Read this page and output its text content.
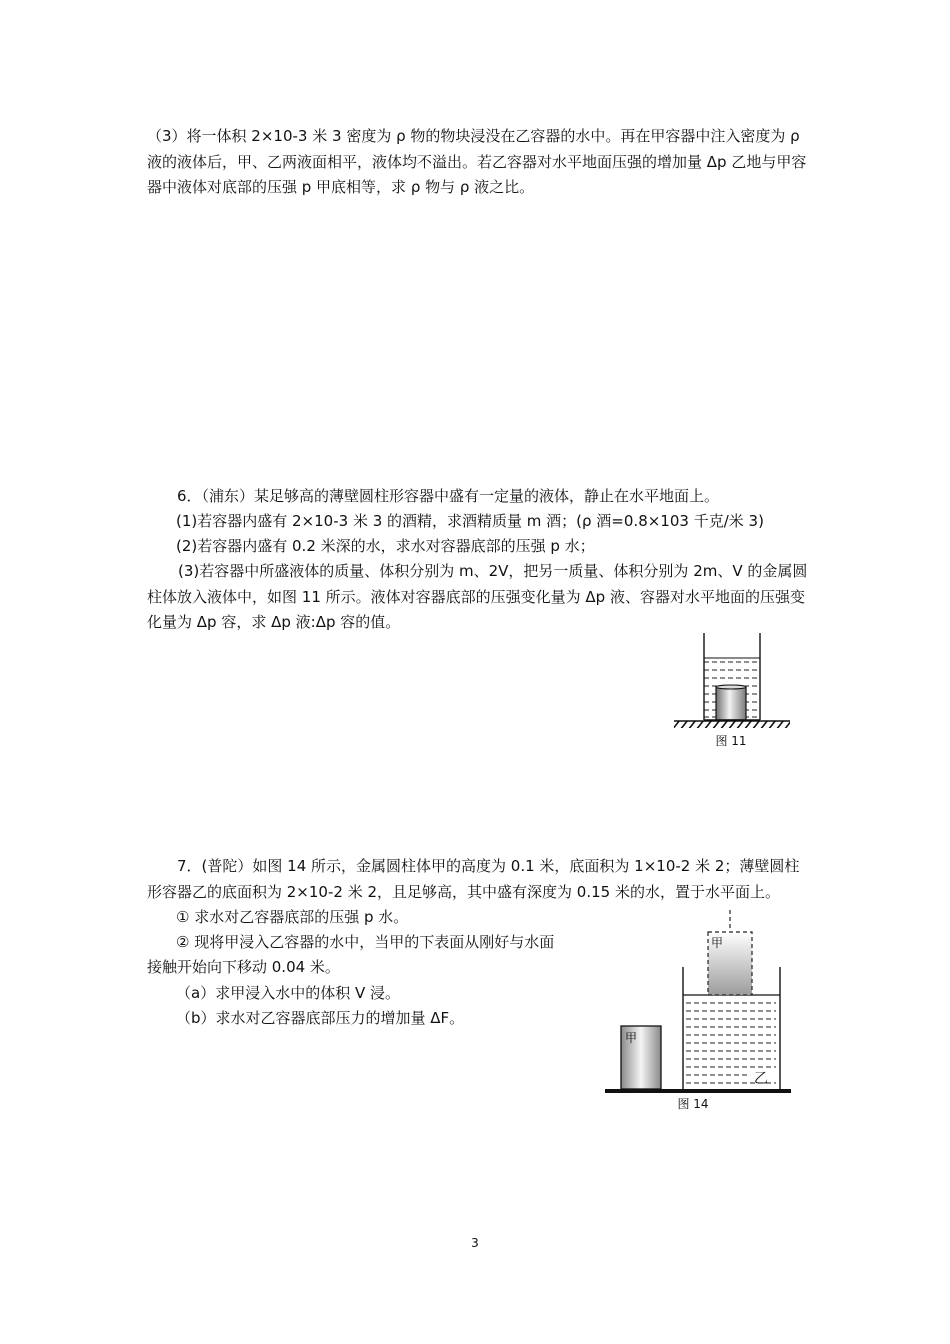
（3）将一体积 2×10-3 米 3 密度为 ρ 物的物块浸没在乙容器的水中。再在甲容器中注入密度为 ρ 液的液体后，甲、乙两液面相平，液体均不溢出。若乙容器对水平地面压强的增加量 Δp 乙地与甲容器中液体对底部的压强 p 甲底相等，求 ρ 物与 ρ 液之比。

6．（浦东）某足够高的薄壁圆柱形容器中盛有一定量的液体，静止在水平地面上。

(1)若容器内盛有 2×10-3 米 3 的酒精，求酒精质量 m 酒；(ρ 酒=0.8×103 千克/米 3)

(2)若容器内盛有 0.2 米深的水，求水对容器底部的压强 p 水；

(3)若容器中所盛液体的质量、体积分别为 m、2V，把另一质量、体积分别为 2m、V 的金属圆柱体放入液体中，如图 11 所示。液体对容器底部的压强变化量为 Δp 液、容器对水平地面的压强变化量为 Δp 容，求 Δp 液:Δp 容的值。

图 11

7．(普陀）如图 14 所示，金属圆柱体甲的高度为 0.1 米，底面积为 1×10-2 米 2；薄壁圆柱形容器乙的底面积为 2×10-2 米 2，且足够高，其中盛有深度为 0.15 米的水，置于水平面上。

① 求水对乙容器底部的压强 p 水。

② 现将甲浸入乙容器的水中，当甲的下表面从刚好与水面

接触开始向下移动 0.04 米。

（a）求甲浸入水中的体积 V 浸。

（b）求水对乙容器底部压力的增加量 ΔF。

甲
甲
乙
图 14
3
